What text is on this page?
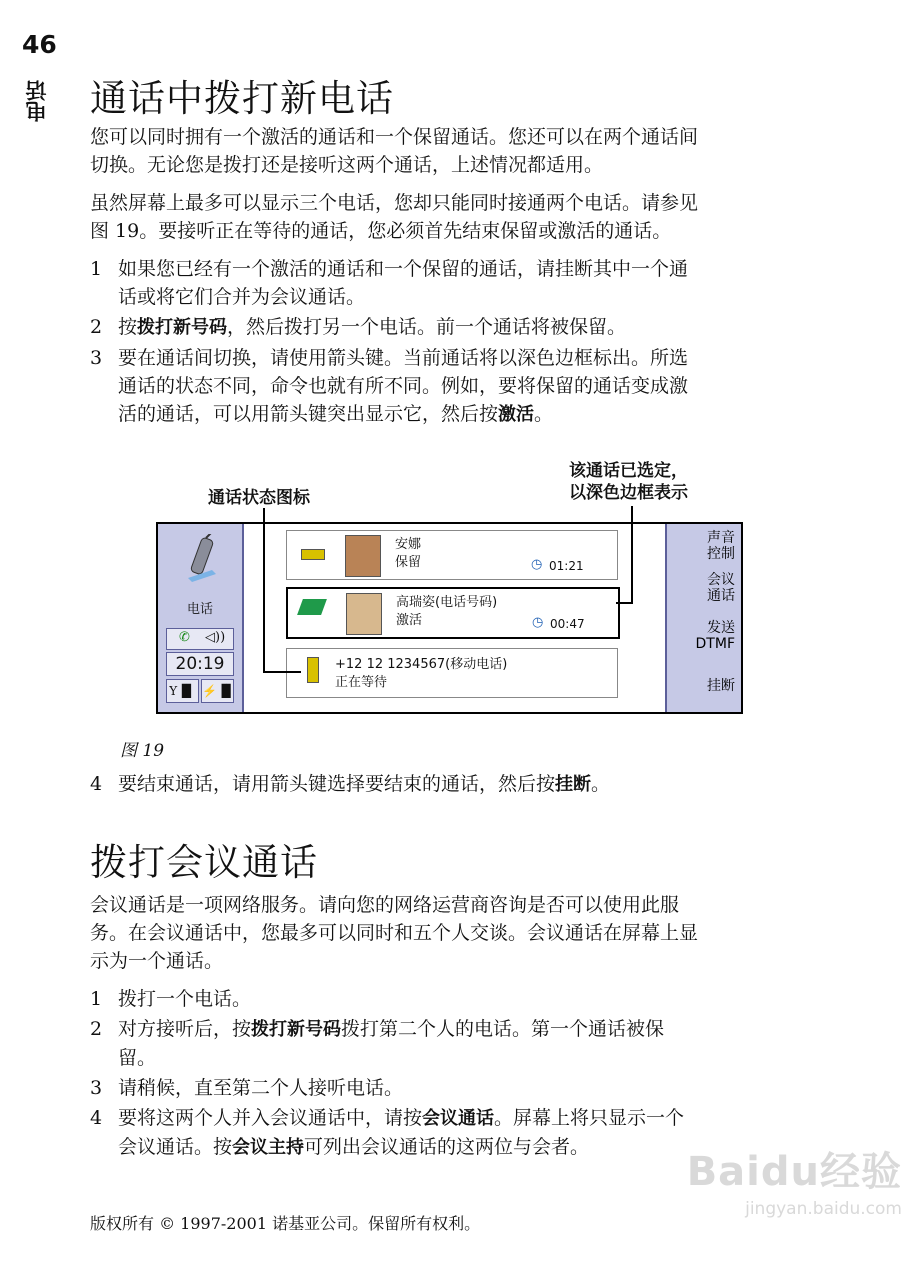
46
电话 通话中拨打新电话
您可以同时拥有一个激活的通话和一个保留通话。您还可以在两个通话间
切换。无论您是拨打还是接听这两个通话，上述情况都适用。
虽然屏幕上最多可以显示三个电话，您却只能同时接通两个电话。请参见
图 19。要接听正在等待的通话，您必须首先结束保留或激活的通话。
1 如果您已经有一个激活的通话和一个保留的通话，请挂断其中一个通
话或将它们合并为会议通话。
2 按拨打新号码，然后拨打另一个电话。前一个通话将被保留。
3 要在通话间切换，请使用箭头键。当前通话将以深色边框标出。所选
通话的状态不同，命令也就有所不同。例如，要将保留的通话变成激
活的通话，可以用箭头键突出显示它，然后按激活。
通话状态图标
该通话已选定，
以深色边框表示
电话
✆ ◁))
20:19
Y▐▌ ⚡▐▌
安娜
保留	◷ 01:21
高瑞姿(电话号码)
激活	◷ 00:47
+12 12 1234567(移动电话)
正在等待
声音
控制
会议
通话
发送
DTMF
挂断
图 19
4 要结束通话，请用箭头键选择要结束的通话，然后按挂断。
拨打会议通话
会议通话是一项网络服务。请向您的网络运营商咨询是否可以使用此服
务。在会议通话中，您最多可以同时和五个人交谈。会议通话在屏幕上显
示为一个通话。
1 拨打一个电话。
2 对方接听后，按拨打新号码拨打第二个人的电话。第一个通话被保
留。
3 请稍候，直至第二个人接听电话。
4 要将这两个人并入会议通话中，请按会议通话。屏幕上将只显示一个
会议通话。按会议主持可列出会议通话的这两位与会者。
Baidu经验
jingyan.baidu.com
版权所有 © 1997-2001 诺基亚公司。保留所有权利。
